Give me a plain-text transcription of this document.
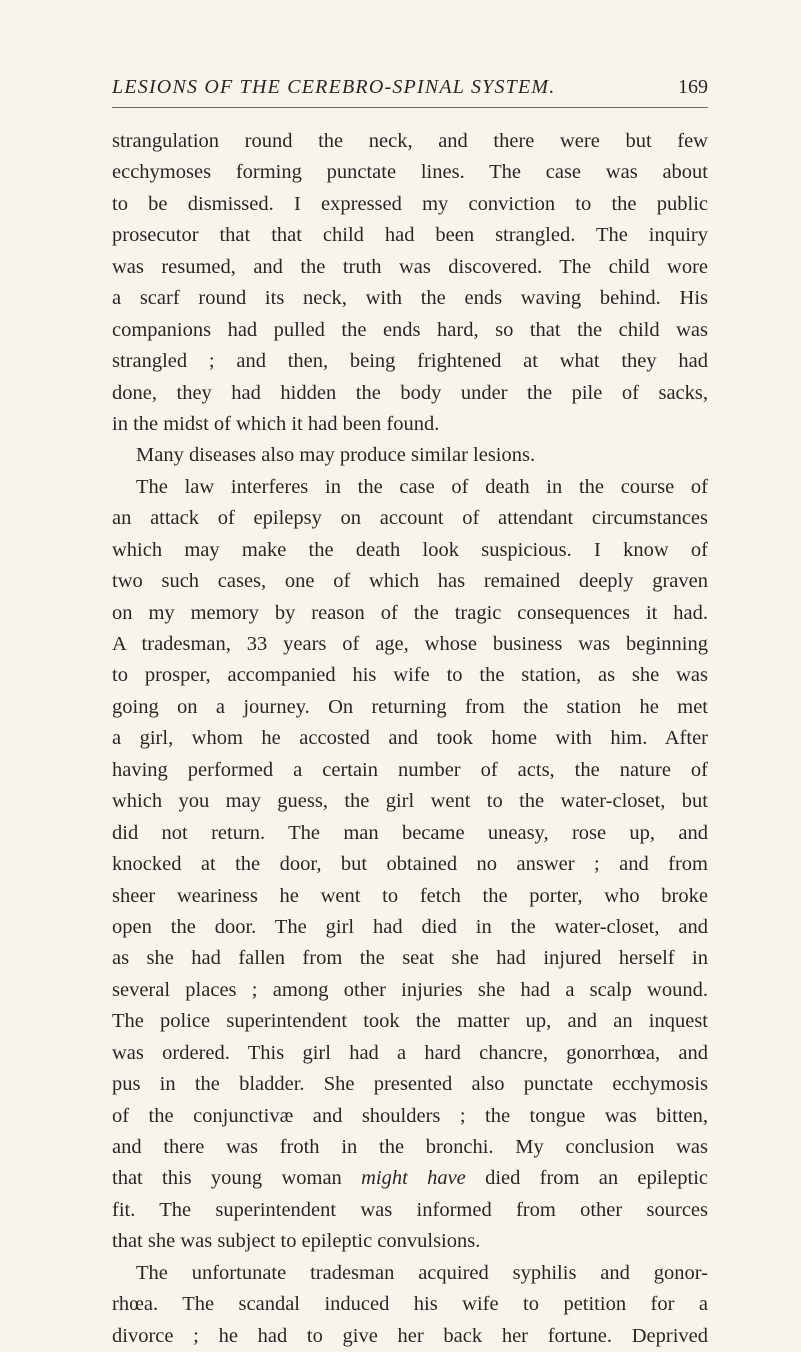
LESIONS OF THE CEREBRO-SPINAL SYSTEM.	169
strangulation round the neck, and there were but few
ecchymoses forming punctate lines. The case was about
to be dismissed. I expressed my conviction to the public
prosecutor that that child had been strangled. The inquiry
was resumed, and the truth was discovered. The child wore
a scarf round its neck, with the ends waving behind. His
companions had pulled the ends hard, so that the child was
strangled ; and then, being frightened at what they had
done, they had hidden the body under the pile of sacks,
in the midst of which it had been found.
Many diseases also may produce similar lesions.
The law interferes in the case of death in the course of
an attack of epilepsy on account of attendant circumstances
which may make the death look suspicious. I know of
two such cases, one of which has remained deeply graven
on my memory by reason of the tragic consequences it had.
A tradesman, 33 years of age, whose business was beginning
to prosper, accompanied his wife to the station, as she was
going on a journey. On returning from the station he met
a girl, whom he accosted and took home with him. After
having performed a certain number of acts, the nature of
which you may guess, the girl went to the water-closet, but
did not return. The man became uneasy, rose up, and
knocked at the door, but obtained no answer ; and from
sheer weariness he went to fetch the porter, who broke
open the door. The girl had died in the water-closet, and
as she had fallen from the seat she had injured herself in
several places ; among other injuries she had a scalp wound.
The police superintendent took the matter up, and an inquest
was ordered. This girl had a hard chancre, gonorrhœa, and
pus in the bladder. She presented also punctate ecchymosis
of the conjunctivæ and shoulders ; the tongue was bitten,
and there was froth in the bronchi. My conclusion was
that this young woman might have died from an epileptic
fit. The superintendent was informed from other sources
that she was subject to epileptic convulsions.
The unfortunate tradesman acquired syphilis and gonor-
rhœa. The scandal induced his wife to petition for a
divorce ; he had to give her back her fortune. Deprived
